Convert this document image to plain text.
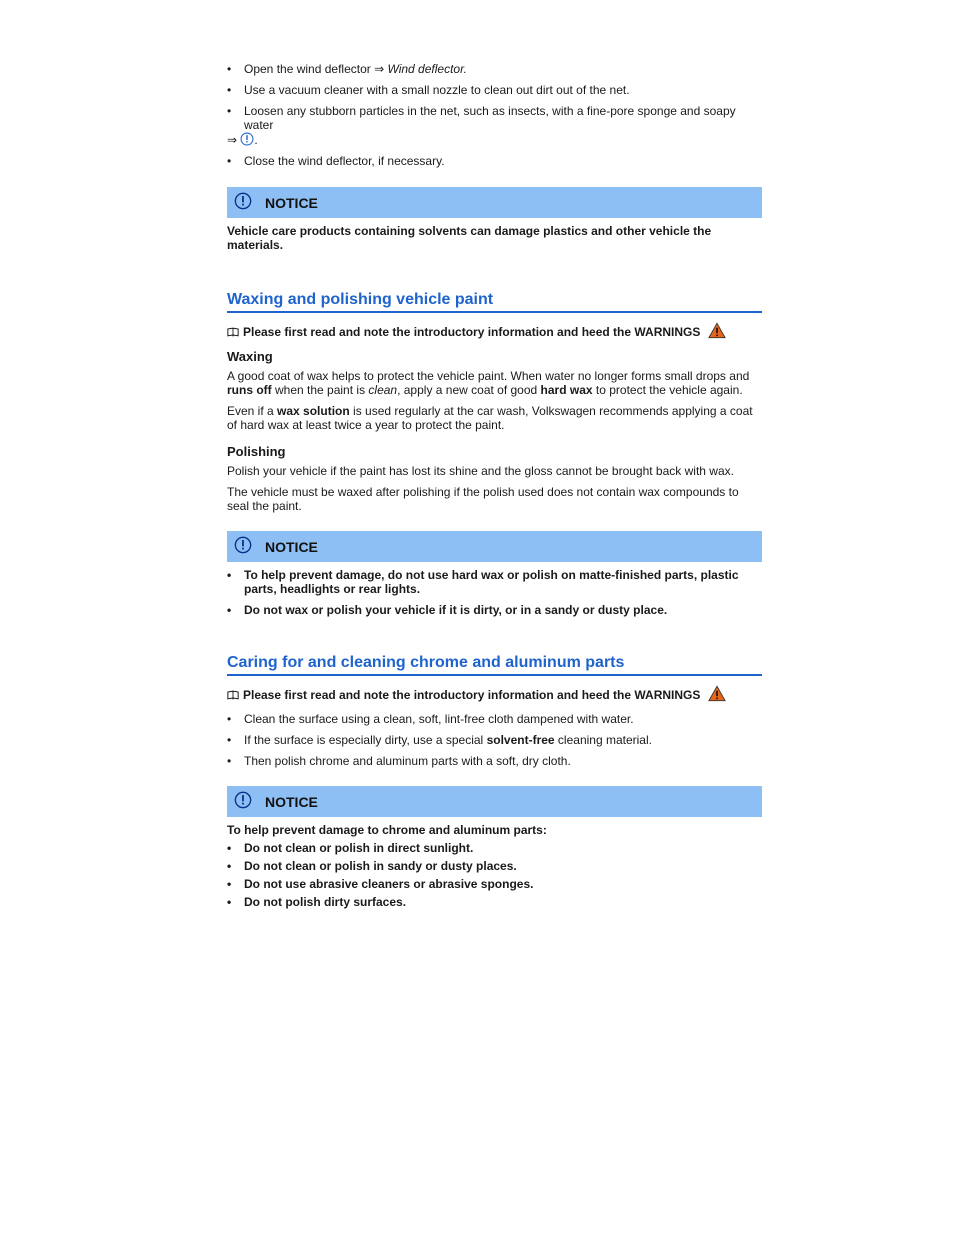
• Open the wind deflector ⇒ Wind deflector.
• Use a vacuum cleaner with a small nozzle to clean out dirt out of the net.
• Loosen any stubborn particles in the net, such as insects, with a fine-pore sponge and soapy water
⇒ .
• Close the wind deflector, if necessary.
NOTICE

Vehicle care products containing solvents can damage plastics and other vehicle the materials.

Waxing and polishing vehicle paint
Please first read and note the introductory information and heed the WARNINGS
Waxing

A good coat of wax helps to protect the vehicle paint. When water no longer forms small drops and runs off when the paint is clean, apply a new coat of good hard wax to protect the vehicle again.

Even if a wax solution is used regularly at the car wash, Volkswagen recommends applying a coat of hard wax at least twice a year to protect the paint.

Polishing

Polish your vehicle if the paint has lost its shine and the gloss cannot be brought back with wax.

The vehicle must be waxed after polishing if the polish used does not contain wax compounds to seal the paint.

NOTICE
• To help prevent damage, do not use hard wax or polish on matte-finished parts, plastic parts, headlights or rear lights.
• Do not wax or polish your vehicle if it is dirty, or in a sandy or dusty place.
Caring for and cleaning chrome and aluminum parts
Please first read and note the introductory information and heed the WARNINGS
• Clean the surface using a clean, soft, lint-free cloth dampened with water.
• If the surface is especially dirty, use a special solvent-free cleaning material.
• Then polish chrome and aluminum parts with a soft, dry cloth.
NOTICE

To help prevent damage to chrome and aluminum parts:

• Do not clean or polish in direct sunlight.
• Do not clean or polish in sandy or dusty places.
• Do not use abrasive cleaners or abrasive sponges.
• Do not polish dirty surfaces.
